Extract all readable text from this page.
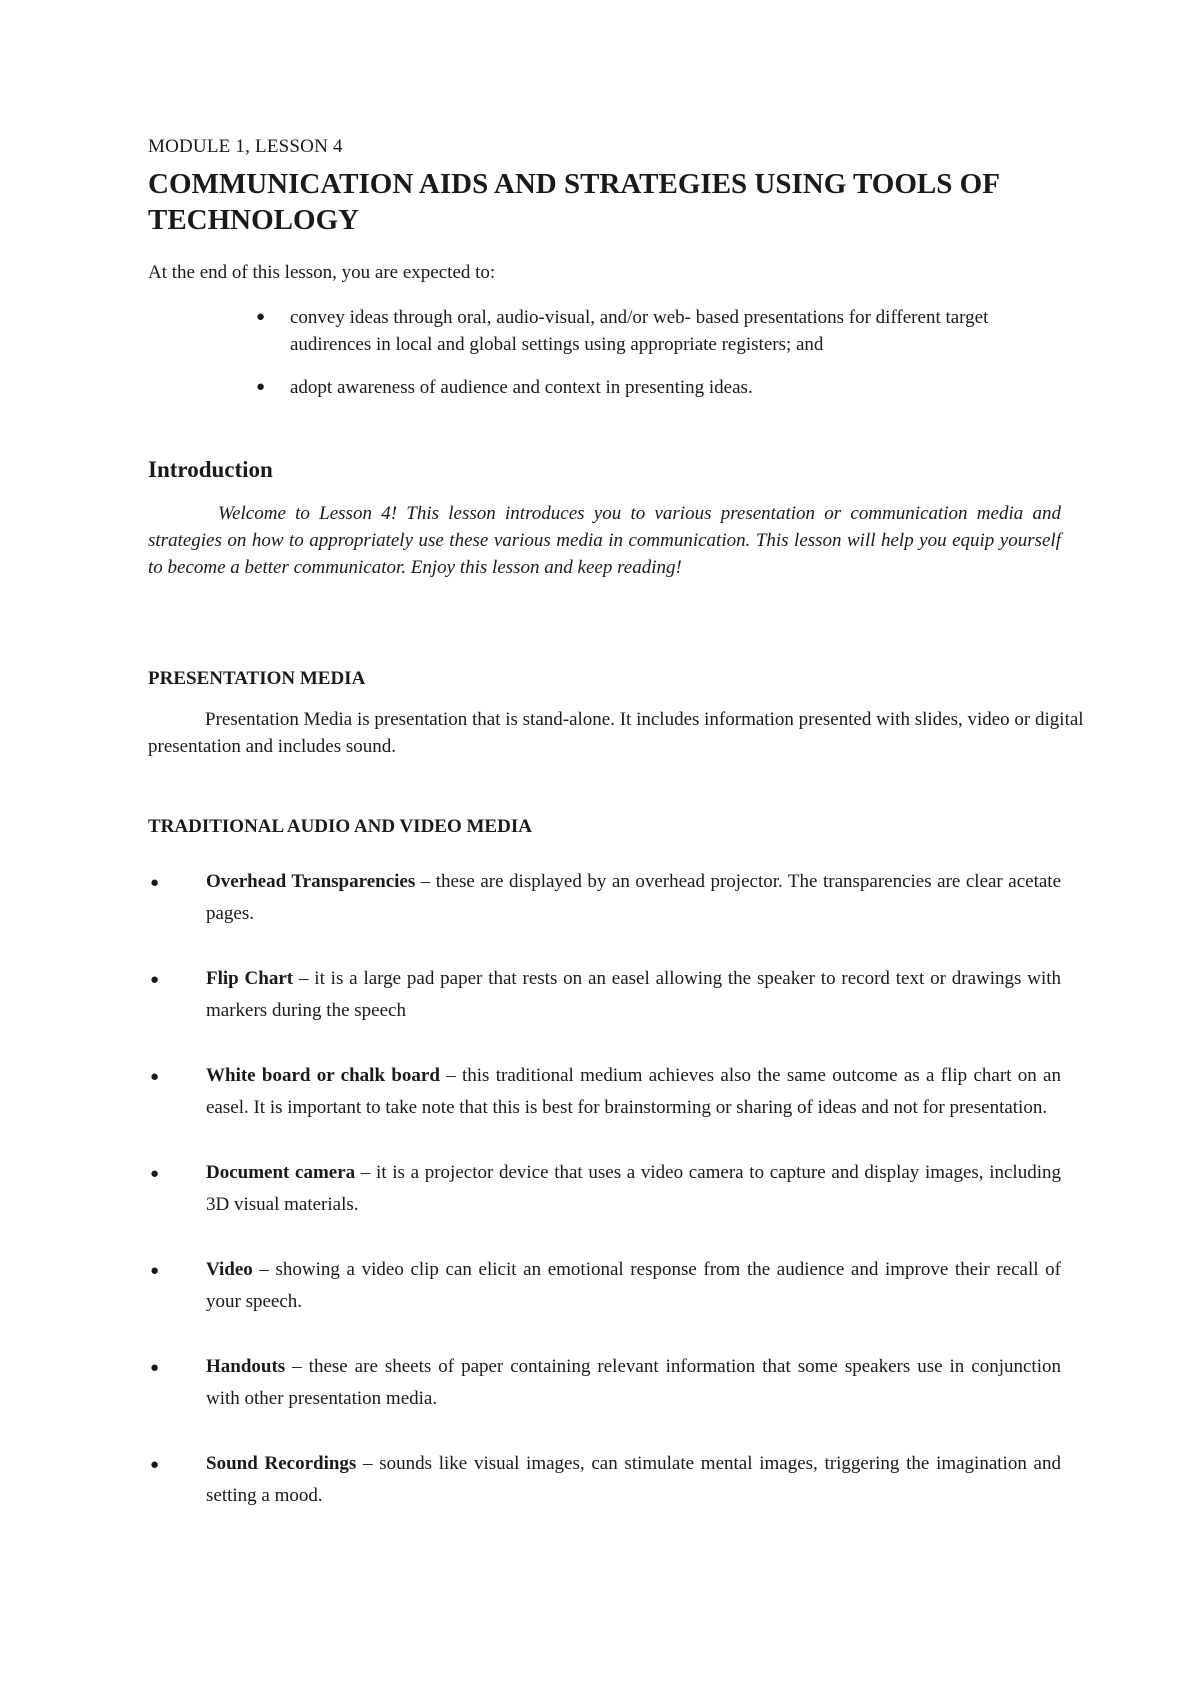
MODULE 1, LESSON 4
COMMUNICATION AIDS AND STRATEGIES USING TOOLS OF TECHNOLOGY
At the end of this lesson, you are expected to:
● convey ideas through oral, audio-visual, and/or web- based presentations for different target audirences in local and global settings using appropriate registers; and
● adopt awareness of audience and context in presenting ideas.
Introduction

Welcome to Lesson 4! This lesson introduces you to various presentation or communication media and strategies on how to appropriately use these various media in communication. This lesson will help you equip yourself to become a better communicator. Enjoy this lesson and keep reading!

PRESENTATION MEDIA

Presentation Media is presentation that is stand-alone. It includes information presented with slides, video or digital presentation and includes sound.

TRADITIONAL AUDIO AND VIDEO MEDIA
● Overhead Transparencies – these are displayed by an overhead projector. The transparencies are clear acetate pages.
● Flip Chart – it is a large pad paper that rests on an easel allowing the speaker to record text or drawings with markers during the speech
● White board or chalk board – this traditional medium achieves also the same outcome as a flip chart on an easel. It is important to take note that this is best for brainstorming or sharing of ideas and not for presentation.
● Document camera – it is a projector device that uses a video camera to capture and display images, including 3D visual materials.
● Video – showing a video clip can elicit an emotional response from the audience and improve their recall of your speech.
● Handouts – these are sheets of paper containing relevant information that some speakers use in conjunction with other presentation media.
● Sound Recordings – sounds like visual images, can stimulate mental images, triggering the imagination and setting a mood.
